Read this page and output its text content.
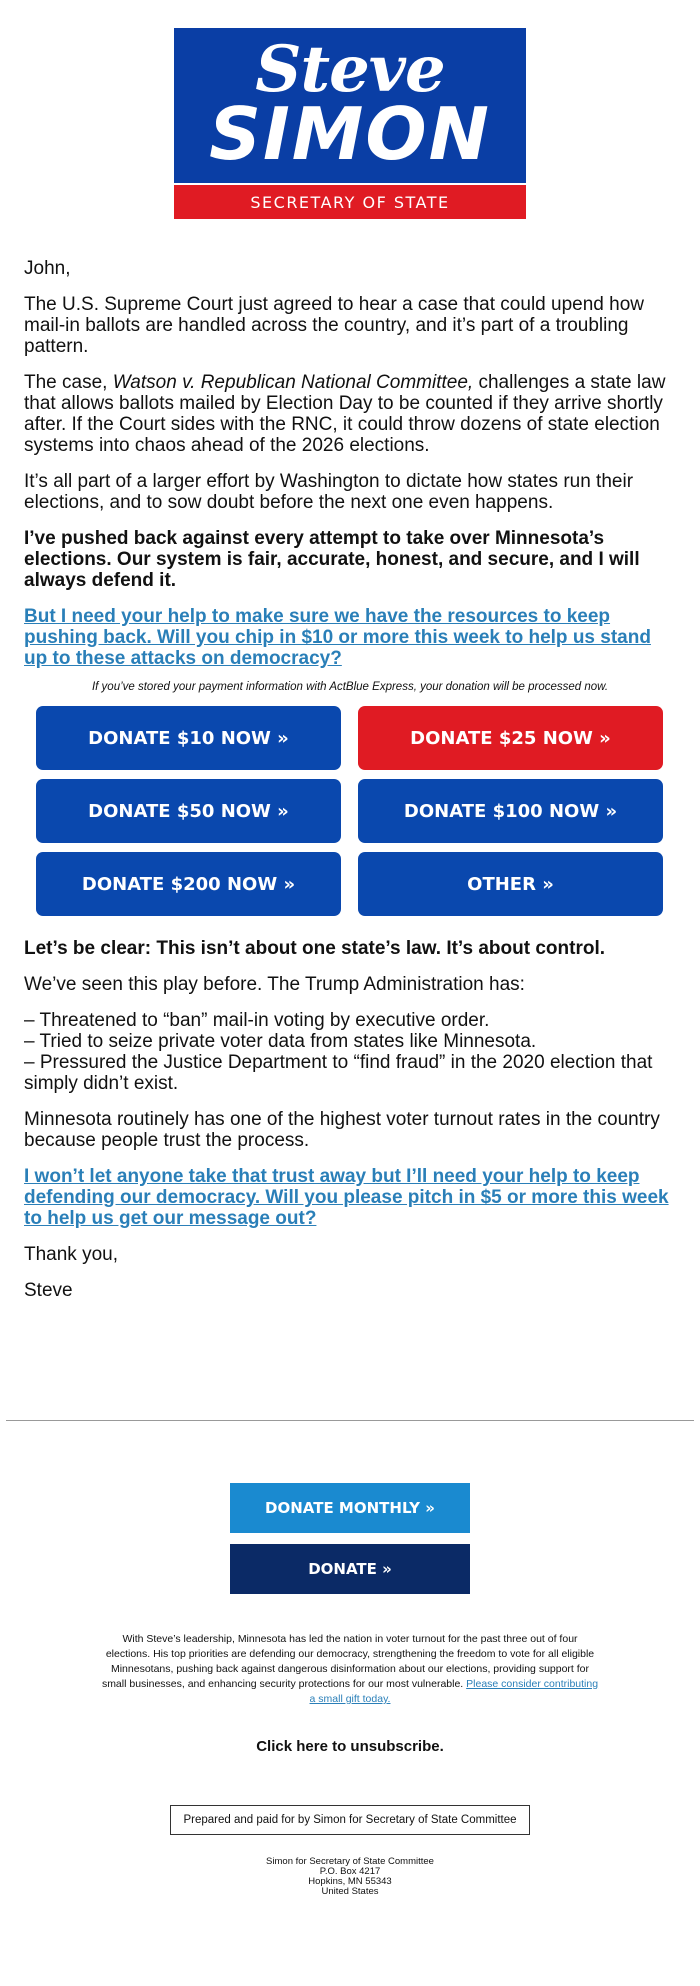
Steve
SIMON
SECRETARY OF STATE

John,

The U.S. Supreme Court just agreed to hear a case that could upend how mail-in ballots are handled across the country, and it’s part of a troubling pattern.

The case, Watson v. Republican National Committee, challenges a state law that allows ballots mailed by Election Day to be counted if they arrive shortly after. If the Court sides with the RNC, it could throw dozens of state election systems into chaos ahead of the 2026 elections.

It’s all part of a larger effort by Washington to dictate how states run their elections, and to sow doubt before the next one even happens.

I’ve pushed back against every attempt to take over Minnesota’s elections. Our system is fair, accurate, honest, and secure, and I will always defend it.

But I need your help to make sure we have the resources to keep pushing back. Will you chip in $10 or more this week to help us stand up to these attacks on democracy?

If you’ve stored your payment information with ActBlue Express, your donation will be processed now.

DONATE $10 NOW »	DONATE $25 NOW »
DONATE $50 NOW »	DONATE $100 NOW »
DONATE $200 NOW »	OTHER »

Let’s be clear: This isn’t about one state’s law. It’s about control.

We’ve seen this play before. The Trump Administration has:

– Threatened to “ban” mail-in voting by executive order.

– Tried to seize private voter data from states like Minnesota.

– Pressured the Justice Department to “find fraud” in the 2020 election that simply didn’t exist.

Minnesota routinely has one of the highest voter turnout rates in the country because people trust the process.

I won’t let anyone take that trust away but I’ll need your help to keep defending our democracy. Will you please pitch in $5 or more this week to help us get our message out?

Thank you,

Steve

DONATE MONTHLY »
DONATE »
With Steve’s leadership, Minnesota has led the nation in voter turnout for the past three out of four elections. His top priorities are defending our democracy, strengthening the freedom to vote for all eligible Minnesotans, pushing back against dangerous disinformation about our elections, providing support for small businesses, and enhancing security protections for our most vulnerable. Please consider contributing a small gift today.
Click here to unsubscribe.
Prepared and paid for by Simon for Secretary of State Committee
Simon for Secretary of State Committee
P.O. Box 4217
Hopkins, MN 55343
United States
